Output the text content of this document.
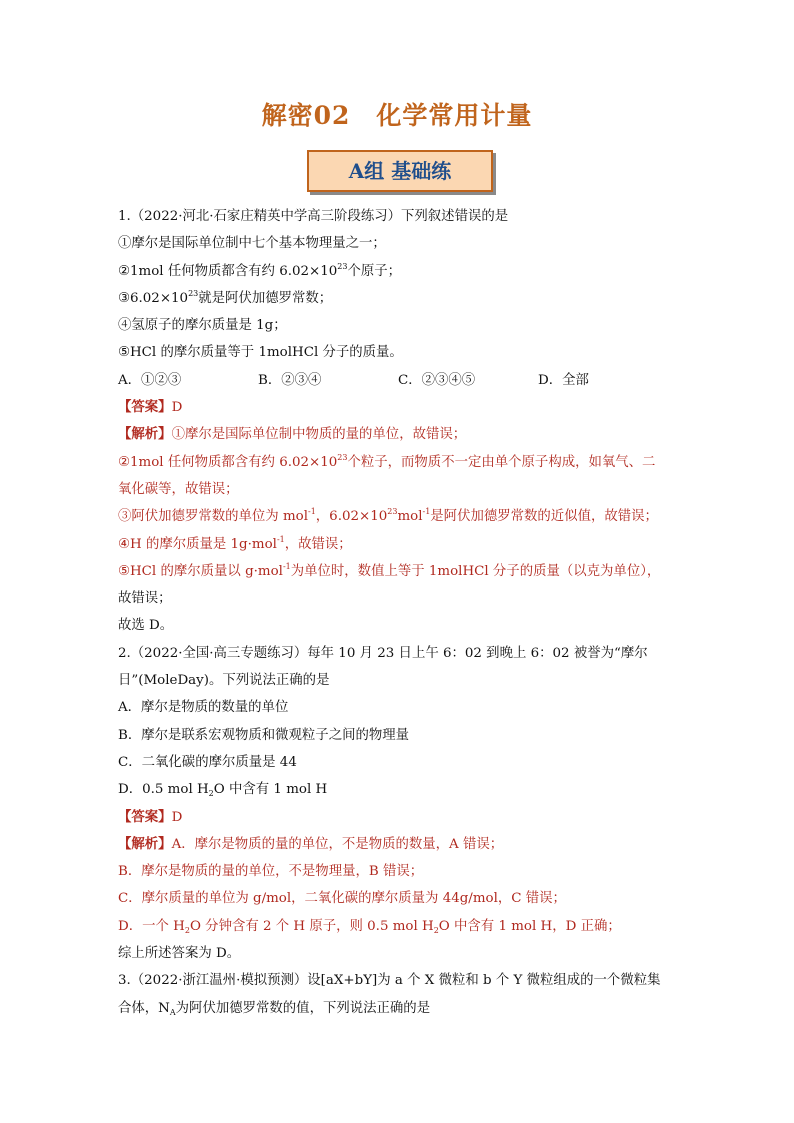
解密02 化学常用计量
A组 基础练
1.（2022·河北·石家庄精英中学高三阶段练习）下列叙述错误的是
①摩尔是国际单位制中七个基本物理量之一；
②1mol 任何物质都含有约 $6.02\times 10^{23}$个原子；
$③6.02\times 10^{23}$就是阿伏加德罗常数；
④氢原子的摩尔质量是 1g；
⑤HCl 的摩尔质量等于 1molHCl 分子的质量。
A．①②③	B．②③④	C．②③④⑤	D．全部
【答案】D
【解析】①摩尔是国际单位制中物质的量的单位，故错误；
②1mol 任何物质都含有约 $6.02\times 10^{23}$个粒子，而物质不一定由单个原子构成，如氧气、二
氧化碳等，故错误；
③阿伏加德罗常数的单位为 mol$^{-1}$，$6.02\times 10^{23}mol^{-1}$是阿伏加德罗常数的近似值，故错误；
④H 的摩尔质量是 1g·mol$^{-1}$，故错误；
⑤HCl 的摩尔质量以 g·mol$^{-1}$为单位时，数值上等于 1molHCl 分子的质量（以克为单位），
故错误；
故选 D。
2.（2022·全国·高三专题练习）每年 10 月 23 日上午 6：02 到晚上 6：02 被誉为“摩尔
日”(MoleDay)。下列说法正确的是
A．摩尔是物质的数量的单位
B．摩尔是联系宏观物质和微观粒子之间的物理量
C．二氧化碳的摩尔质量是 44
D．0.5 mol $H_2O$ 中含有 1 mol H
【答案】D
【解析】A．摩尔是物质的量的单位，不是物质的数量，A 错误；
B．摩尔是物质的量的单位，不是物理量，B 错误；
C．摩尔质量的单位为 g/mol，二氧化碳的摩尔质量为 44g/mol，C 错误；
D．一个 $H_2O$ 分钟含有 2 个 H 原子，则 0.5 mol $H_2O$ 中含有 1 mol H，D 正确；
综上所述答案为 D。
3.（2022·浙江温州·模拟预测）设[aX+bY]为 a 个 X 微粒和 b 个 Y 微粒组成的一个微粒集
合体，$N_A$为阿伏加德罗常数的值，下列说法正确的是
